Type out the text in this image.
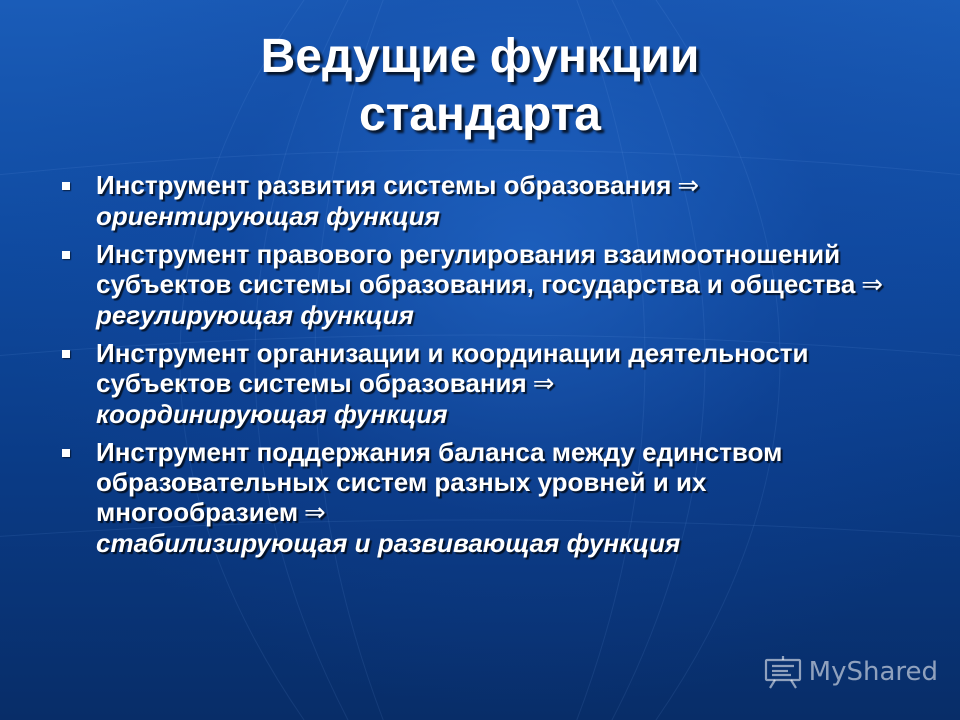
Ведущие функции
стандарта
Инструмент развития системы образования ⇒
ориентирующая функция
Инструмент правового регулирования взаимоотношений субъектов системы образования, государства и общества ⇒
регулирующая функция
Инструмент организации и координации деятельности субъектов системы образования ⇒
координирующая функция
Инструмент поддержания баланса между единством образовательных систем разных уровней и их многообразием ⇒
стабилизирующая и развивающая функция
MyShared
